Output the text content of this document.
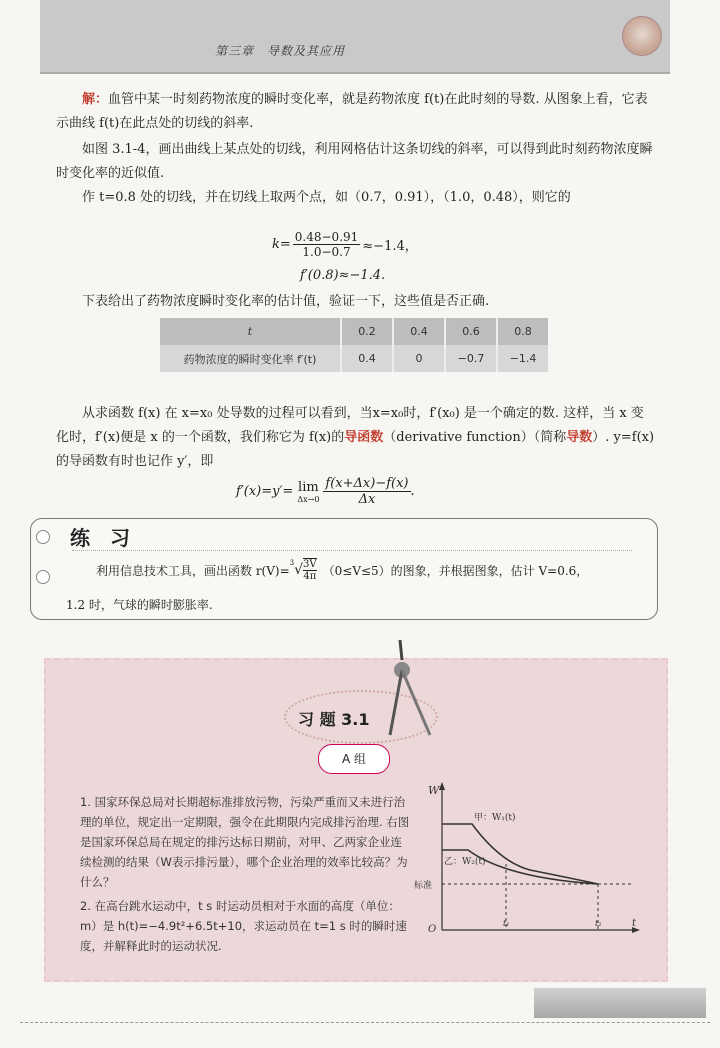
第三章　导数及其应用
解：血管中某一时刻药物浓度的瞬时变化率，就是药物浓度 f(t)在此时刻的导数. 从图象上看，它表示曲线 f(t)在此点处的切线的斜率.
如图 3.1-4，画出曲线上某点处的切线，利用网格估计这条切线的斜率，可以得到此时刻药物浓度瞬时变化率的近似值.
作 t=0.8 处的切线，并在切线上取两个点，如（0.7，0.91），（1.0，0.48），则它的
$k= \frac{0.48-0.91}{1.0-0.7} \approx-1.4$，
f′(0.8)≈−1.4.
下表给出了药物浓度瞬时变化率的估计值，验证一下，这些值是否正确.
t	0.2	0.4	0.6	0.8
药物浓度的瞬时变化率 f′(t)	0.4	0	−0.7	−1.4
从求函数 f(x) 在 x=x₀ 处导数的过程可以看到，当x=x₀时，f′(x₀) 是一个确定的数. 这样，当 x 变化时，f′(x)便是 x 的一个函数，我们称它为 f(x)的导函数（derivative function）（简称导数）. y=f(x)的导函数有时也记作 y′，即
f′(x)=y′= lim
$\Delta x\to 0 \frac{f(x+\Delta x)-f(x)}{\Delta x}$ .
练　习
利用信息技术工具，画出函数 r(V)=
3 √ $\frac{3V}{4\pi} (0\le V\le 5)$的图象，并根据图象，估计 V=0.6，
1.2 时，气球的瞬时膨胀率.
习 题 3.1
A 组
1. 国家环保总局对长期超标准排放污物，污染严重而又未进行治理的单位，规定出一定期限，强令在此期限内完成排污治理. 右图是国家环保总局在规定的排污达标日期前，对甲、乙两家企业连续检测的结果（W表示排污量），哪个企业治理的效率比较高？为什么？
2. 在高台跳水运动中，t s 时运动员相对于水面的高度（单位：m）是 h(t)=−4.9t²+6.5t+10，求运动员在 t=1 s 时的瞬时速度，并解释此时的运动状况.
W
t
O
甲：W₁(t)
乙：W₂(t)
标准
t₁	t₂
